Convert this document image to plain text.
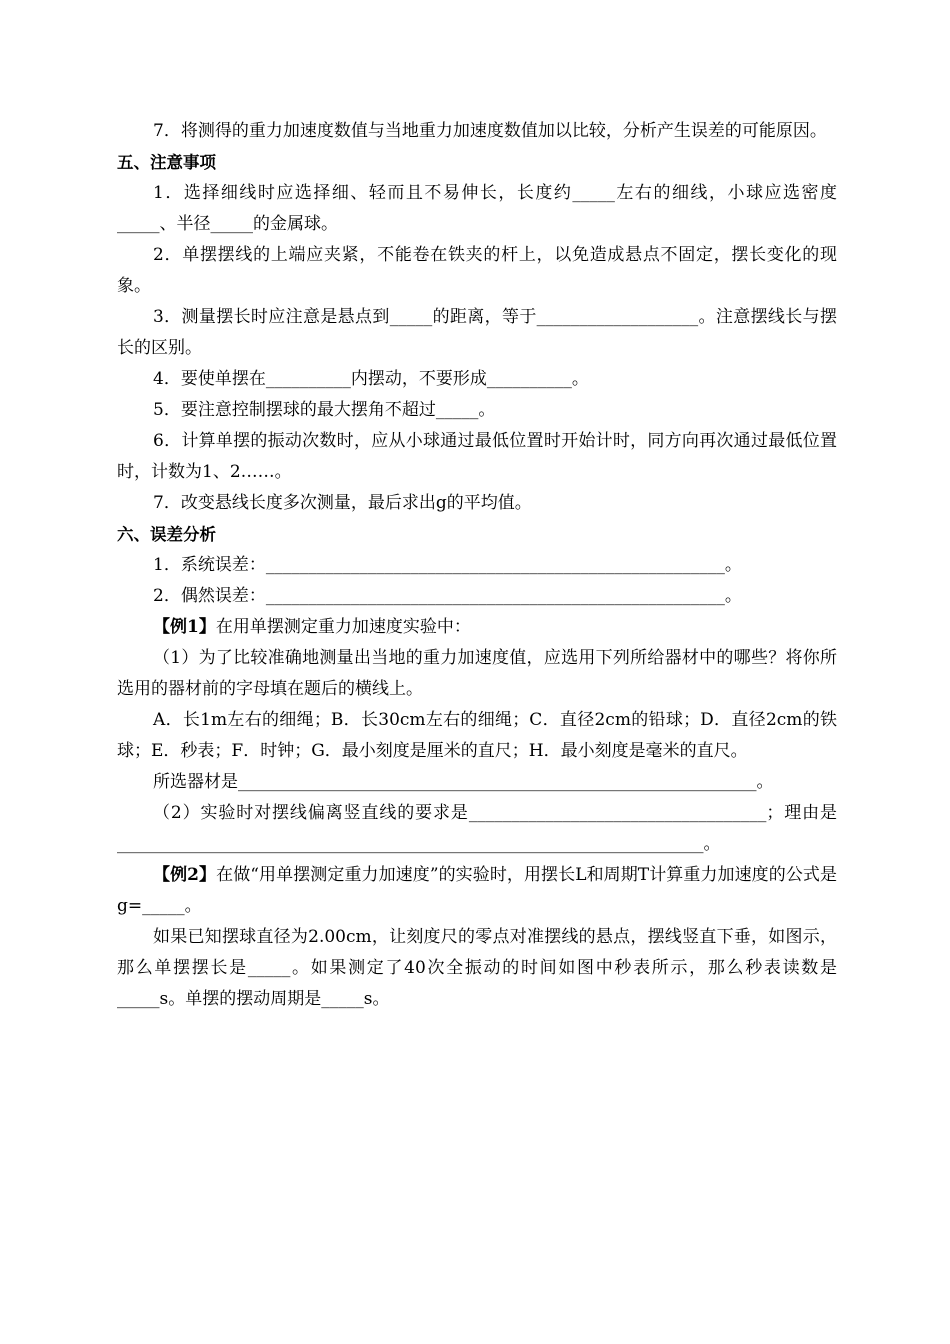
7．将测得的重力加速度数值与当地重力加速度数值加以比较，分析产生误差的可能原因。

五、注意事项

1．选择细线时应选择细、轻而且不易伸长，长度约_____左右的细线，小球应选密度_____、半径_____的金属球。

2．单摆摆线的上端应夹紧，不能卷在铁夹的杆上，以免造成悬点不固定，摆长变化的现象。

3．测量摆长时应注意是悬点到_____的距离，等于___________________。注意摆线长与摆长的区别。

4．要使单摆在__________内摆动，不要形成__________。

5．要注意控制摆球的最大摆角不超过_____。

6．计算单摆的振动次数时，应从小球通过最低位置时开始计时，同方向再次通过最低位置时，计数为1、2……。

7．改变悬线长度多次测量，最后求出g的平均值。

六、误差分析

1．系统误差：______________________________________________________。

2．偶然误差：______________________________________________________。

【例1】在用单摆测定重力加速度实验中：

（1）为了比较准确地测量出当地的重力加速度值，应选用下列所给器材中的哪些？将你所选用的器材前的字母填在题后的横线上。

A．长1m左右的细绳；B．长30cm左右的细绳；C．直径2cm的铅球；D．直径2cm的铁球；E．秒表；F．时钟；G．最小刻度是厘米的直尺；H．最小刻度是毫米的直尺。

所选器材是_____________________________________________________________。

（2）实验时对摆线偏离竖直线的要求是___________________________________；理由是_____________________________________________________________________。

【例2】在做“用单摆测定重力加速度”的实验时，用摆长L和周期T计算重力加速度的公式是g=_____。

如果已知摆球直径为2.00cm，让刻度尺的零点对准摆线的悬点，摆线竖直下垂，如图示，那么单摆摆长是_____。如果测定了40次全振动的时间如图中秒表所示，那么秒表读数是_____s。单摆的摆动周期是_____s。
